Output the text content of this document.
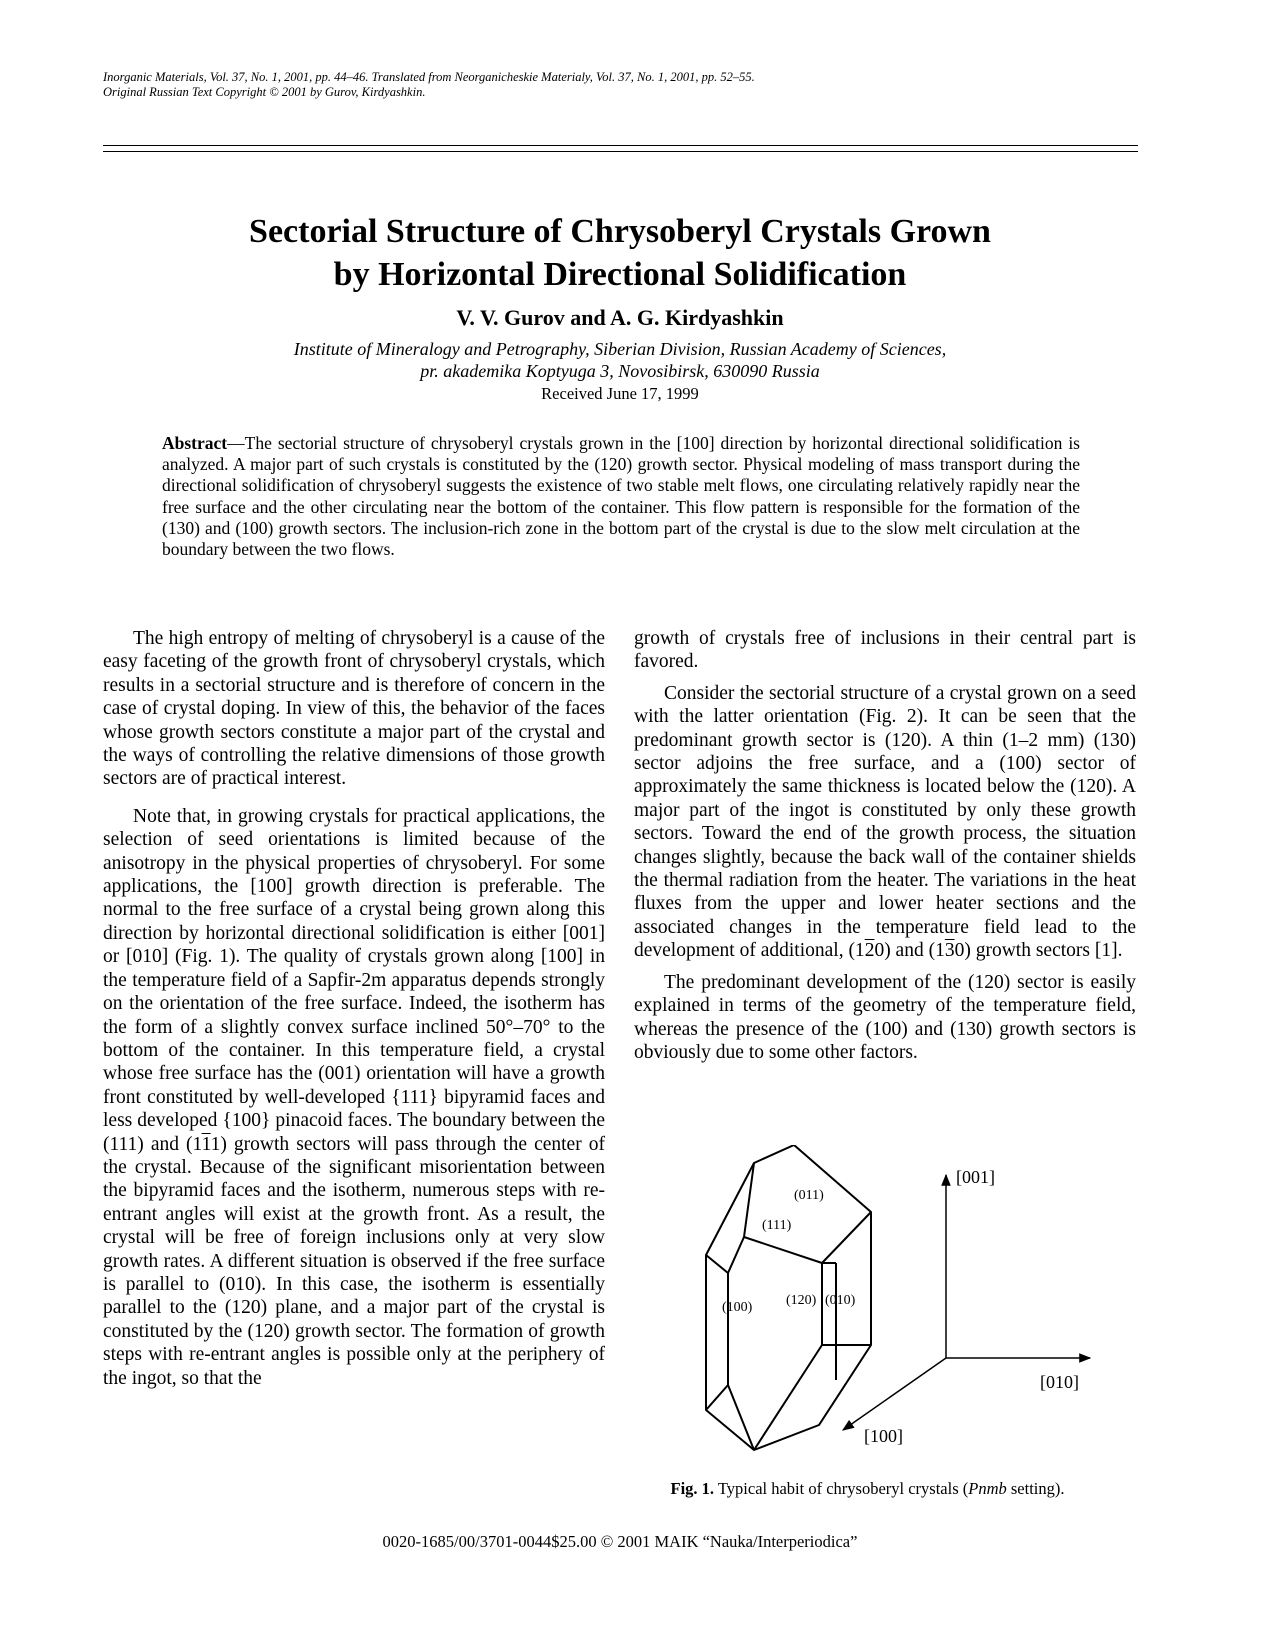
Inorganic Materials, Vol. 37, No. 1, 2001, pp. 44–46. Translated from Neorganicheskie Materialy, Vol. 37, No. 1, 2001, pp. 52–55.
Original Russian Text Copyright © 2001 by Gurov, Kirdyashkin.
Sectorial Structure of Chrysoberyl Crystals Grown
by Horizontal Directional Solidification
V. V. Gurov and A. G. Kirdyashkin
Institute of Mineralogy and Petrography, Siberian Division, Russian Academy of Sciences,
pr. akademika Koptyuga 3, Novosibirsk, 630090 Russia
Received June 17, 1999
Abstract—The sectorial structure of chrysoberyl crystals grown in the [100] direction by horizontal directional solidification is analyzed. A major part of such crystals is constituted by the (120) growth sector. Physical modeling of mass transport during the directional solidification of chrysoberyl suggests the existence of two stable melt flows, one circulating relatively rapidly near the free surface and the other circulating near the bottom of the container. This flow pattern is responsible for the formation of the (130) and (100) growth sectors. The inclusion-rich zone in the bottom part of the crystal is due to the slow melt circulation at the boundary between the two flows.

The high entropy of melting of chrysoberyl is a cause of the easy faceting of the growth front of chrysoberyl crystals, which results in a sectorial structure and is therefore of concern in the case of crystal doping. In view of this, the behavior of the faces whose growth sectors constitute a major part of the crystal and the ways of controlling the relative dimensions of those growth sectors are of practical interest.

Note that, in growing crystals for practical applications, the selection of seed orientations is limited because of the anisotropy in the physical properties of chrysoberyl. For some applications, the [100] growth direction is preferable. The normal to the free surface of a crystal being grown along this direction by horizontal directional solidification is either [001] or [010] (Fig. 1). The quality of crystals grown along [100] in the temperature field of a Sapfir-2m apparatus depends strongly on the orientation of the free surface. Indeed, the isotherm has the form of a slightly convex surface inclined 50°–70° to the bottom of the container. In this temperature field, a crystal whose free surface has the (001) orientation will have a growth front constituted by well-developed {111} bipyramid faces and less developed {100} pinacoid faces. The boundary between the (111) and (111) growth sectors will pass through the center of the crystal. Because of the significant misorientation between the bipyramid faces and the isotherm, numerous steps with re-entrant angles will exist at the growth front. As a result, the crystal will be free of foreign inclusions only at very slow growth rates. A different situation is observed if the free surface is parallel to (010). In this case, the isotherm is essentially parallel to the (120) plane, and a major part of the crystal is constituted by the (120) growth sector. The formation of growth steps with re-entrant angles is possible only at the periphery of the ingot, so that the

growth of crystals free of inclusions in their central part is favored.

Consider the sectorial structure of a crystal grown on a seed with the latter orientation (Fig. 2). It can be seen that the predominant growth sector is (120). A thin (1–2 mm) (130) sector adjoins the free surface, and a (100) sector of approximately the same thickness is located below the (120). A major part of the ingot is constituted by only these growth sectors. Toward the end of the growth process, the situation changes slightly, because the back wall of the container shields the thermal radiation from the heater. The variations in the heat fluxes from the upper and lower heater sections and the associated changes in the temperature field lead to the development of additional, (120) and (130) growth sectors [1].

The predominant development of the (120) sector is easily explained in terms of the geometry of the temperature field, whereas the presence of the (100) and (130) growth sectors is obviously due to some other factors.

(011)
(111)
(100) (120) (010)
[001]
[010]
[100]
Fig. 1. Typical habit of chrysoberyl crystals (Pnmb setting).
0020-1685/00/3701-0044$25.00 © 2001 MAIK “Nauka/Interperiodica”
